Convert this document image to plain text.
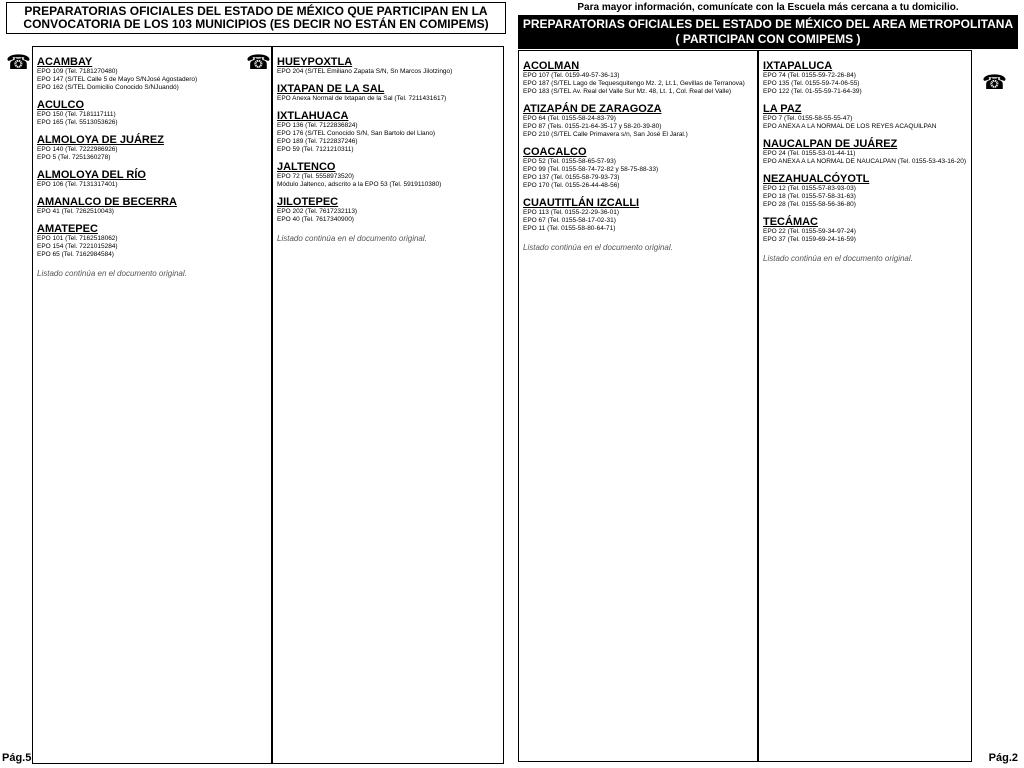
PREPARATORIAS OFICIALES DEL ESTADO DE MÉXICO QUE PARTICIPAN EN LA CONVOCATORIA DE LOS 103 MUNICIPIOS (ES DECIR NO ESTÁN EN COMIPEMS)
ACAMBAY
EPO 109 (Tel. 7181270480)
EPO 147 (S/TEL Calle 5 de Mayo S/NJosé Agostadero)
EPO 162 (S/TEL Domicilio Conocido S/NJuandó)
ACULCO
EPO 150 (Tel. 7181117111)
EPO 165 (Tel. 5513053626)
ALMOLOYA DE JUÁREZ
EPO 140 (Tel. 7222986926)
EPO 5 (Tel. 7251360278)
ALMOLOYA DEL RÍO
EPO 106 (Tel. 7131317401)
AMANALCO DE BECERRA
EPO 41 (Tel. 7262510043)
AMATEPEC
EPO 101 (Tel. 7162518062)
EPO 154 (Tel. 7221015284)
EPO 65 (Tel. 7162984584)
Listado continúa en el documento original.
HUEYPOXTLA
EPO 204 (S/TEL Emiliano Zapata S/N, Sn Marcos Jilotzingo)
IXTAPAN DE LA SAL
EPO Anexa Normal de Ixtapan de la Sal (Tel. 7211431617)
IXTLAHUACA
EPO 136 (Tel. 7122836824)
EPO 176 (S/TEL Conocido S/N, San Bartolo del Llano)
EPO 189 (Tel. 7122837246)
EPO 59 (Tel. 7121210311)
JALTENCO
EPO 72 (Tel. 5558973520)
Módulo Jaltenco, adscrito a la EPO 53 (Tel. 5919110380)
JILOTEPEC
EPO 202 (Tel. 7617232113)
EPO 40 (Tel. 7617340900)
Listado continúa en el documento original.
☎	☎
Pág.5
Para mayor información, comunícate con la Escuela más cercana a tu domicilio.
PREPARATORIAS OFICIALES DEL ESTADO DE MÉXICO DEL AREA METROPOLITANA ( PARTICIPAN CON COMIPEMS )
ACOLMAN
EPO 107 (Tel. 0159-49-57-36-13)
EPO 187 (S/TEL Lago de Tequesquitengo Mz. 2, Lt.1, Gevillas de Terranova)
EPO 183 (S/TEL Av. Real del Valle Sur Mz. 48, Lt. 1, Col. Real del Valle)
ATIZAPÁN DE ZARAGOZA
EPO 64 (Tel. 0155-58-24-83-79)
EPO 87 (Tels. 0155-21-64-35-17 y 58-20-39-80)
EPO 210 (S/TEL Calle Primavera s/n, San José El Jaral.)
COACALCO
EPO 52 (Tel. 0155-58-65-57-93)
EPO 99 (Tel. 0155-58-74-72-82 y 58-75-88-33)
EPO 137 (Tel. 0155-58-79-93-73)
EPO 170 (Tel. 0155-26-44-48-56)
CUAUTITLÁN IZCALLI
EPO 113 (Tel. 0155-22-29-36-01)
EPO 67 (Tel. 0155-58-17-02-31)
EPO 11 (Tel. 0155-58-80-64-71)
Listado continúa en el documento original.
IXTAPALUCA
EPO 74 (Tel. 0155-59-72-26-84)
EPO 135 (Tel. 0155-59-74-06-55)
EPO 122 (Tel. 01-55-59-71-64-39)
LA PAZ
EPO 7 (Tel. 0155-58-55-55-47)
EPO ANEXA A LA NORMAL DE LOS REYES ACAQUILPAN
NAUCALPAN DE JUÁREZ
EPO 24 (Tel. 0155-53-01-44-11)
EPO ANEXA A LA NORMAL DE NAUCALPAN (Tel. 0155-53-43-16-20)
NEZAHUALCÓYOTL
EPO 12 (Tel. 0155-57-83-93-03)
EPO 18 (Tel. 0155-57-58-31-63)
EPO 28 (Tel. 0155-58-56-36-80)
TECÁMAC
EPO 22 (Tel. 0155-59-34-97-24)
EPO 37 (Tel. 0159-69-24-16-59)
Listado continúa en el documento original.
☎
Pág.2
